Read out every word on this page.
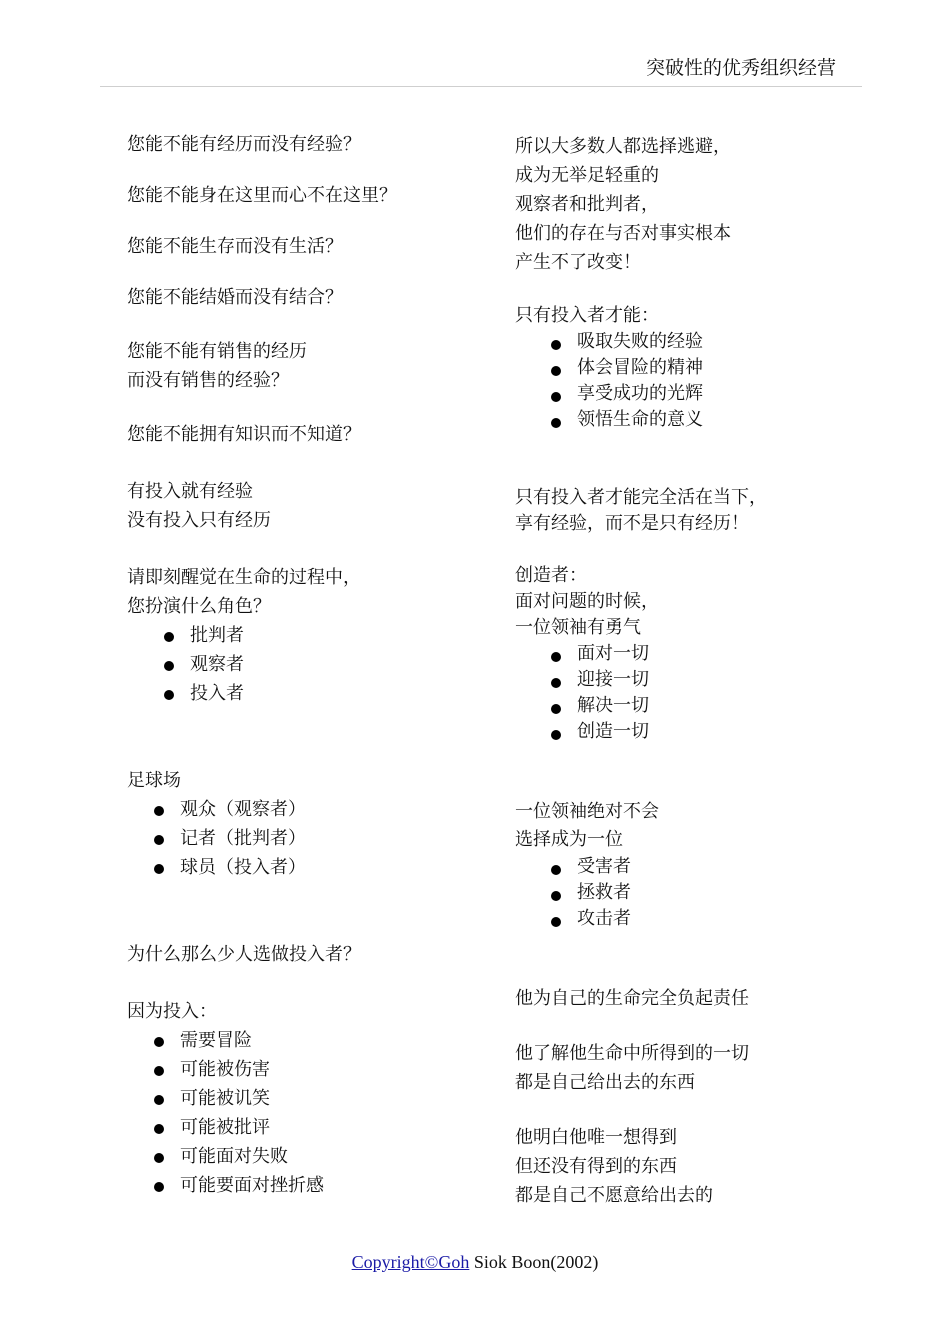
突破性的优秀组织经营

您能不能有经历而没有经验？

您能不能身在这里而心不在这里？

您能不能生存而没有生活？

您能不能结婚而没有结合？

您能不能有销售的经历
而没有销售的经验？

您能不能拥有知识而不知道？

有投入就有经验
没有投入只有经历

请即刻醒觉在生命的过程中，
您扮演什么角色？

批判者
观察者
投入者

足球场

观众（观察者）
记者（批判者）
球员（投入者）

为什么那么少人选做投入者？

因为投入：

需要冒险
可能被伤害
可能被讥笑
可能被批评
可能面对失败
可能要面对挫折感

所以大多数人都选择逃避，
成为无举足轻重的
观察者和批判者，
他们的存在与否对事实根本
产生不了改变！

只有投入者才能：

吸取失败的经验
体会冒险的精神
享受成功的光辉
领悟生命的意义

只有投入者才能完全活在当下，
享有经验，而不是只有经历！

创造者：
面对问题的时候，
一位领袖有勇气

面对一切
迎接一切
解决一切
创造一切

一位领袖绝对不会
选择成为一位

受害者
拯救者
攻击者

他为自己的生命完全负起责任

他了解他生命中所得到的一切
都是自己给出去的东西

他明白他唯一想得到
但还没有得到的东西
都是自己不愿意给出去的

Copyright©Goh Siok Boon(2002)
